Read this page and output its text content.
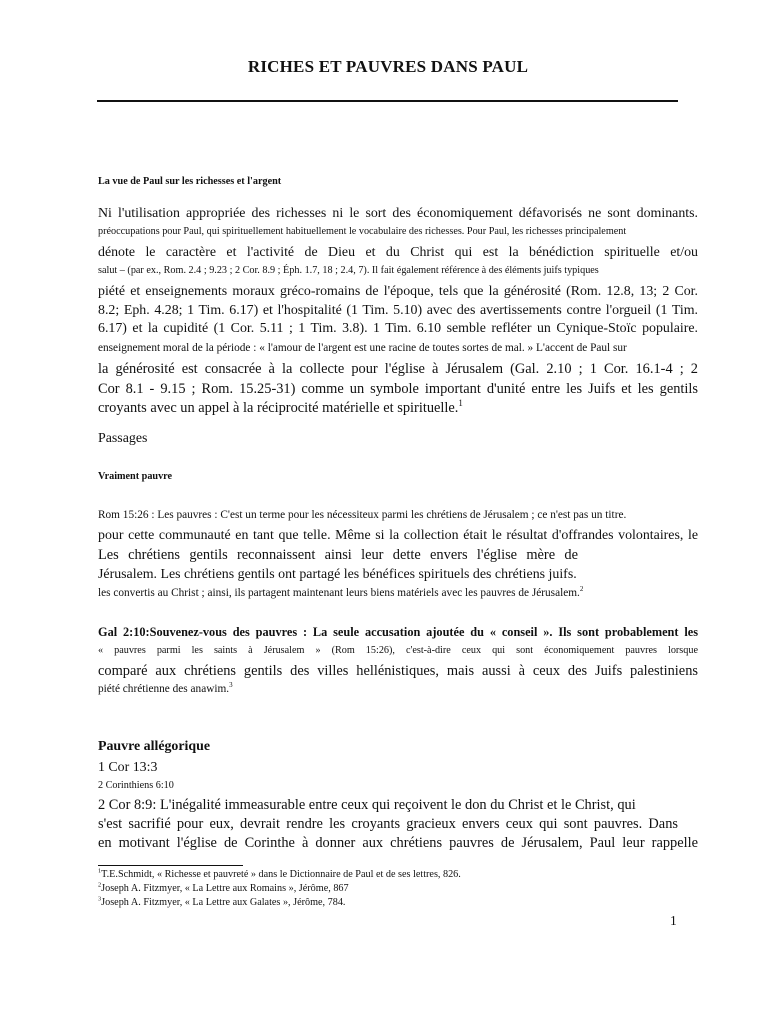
RICHES ET PAUVRES DANS PAUL
La vue de Paul sur les richesses et l'argent
Ni l'utilisation appropriée des richesses ni le sort des économiquement défavorisés ne sont dominants.
préoccupations pour Paul, qui spirituellement habituellement le vocabulaire des richesses. Pour Paul, les richesses principalement
dénote le caractère et l'activité de Dieu et du Christ qui est la bénédiction spirituelle et/ou
salut – (par ex., Rom. 2.4 ; 9.23 ; 2 Cor. 8.9 ; Éph. 1.7, 18 ; 2.4, 7). Il fait également référence à des éléments juifs typiques
piété et enseignements moraux gréco-romains de l'époque, tels que la générosité (Rom. 12.8, 13; 2 Cor.
8.2; Eph. 4.28; 1 Tim. 6.17) et l'hospitalité (1 Tim. 5.10) avec des avertissements contre l'orgueil (1 Tim.
6.17) et la cupidité (1 Cor. 5.11 ; 1 Tim. 3.8). 1 Tim. 6.10 semble refléter un Cynique-Stoïc populaire.
enseignement moral de la période : « l'amour de l'argent est une racine de toutes sortes de mal. » L'accent de Paul sur
la générosité est consacrée à la collecte pour l'église à Jérusalem (Gal. 2.10 ; 1 Cor. 16.1-4 ; 2
Cor 8.1 - 9.15 ; Rom. 15.25-31) comme un symbole important d'unité entre les Juifs et les gentils
croyants avec un appel à la réciprocité matérielle et spirituelle.$^1$
Passages
Vraiment pauvre
Rom 15:26 : Les pauvres : C'est un terme pour les nécessiteux parmi les chrétiens de Jérusalem ; ce n'est pas un titre.
pour cette communauté en tant que telle. Même si la collection était le résultat d'offrandes volontaires, le
Les chrétiens gentils reconnaissent ainsi leur dette envers l'église mère de
Jérusalem. Les chrétiens gentils ont partagé les bénéfices spirituels des chrétiens juifs.
les convertis au Christ ; ainsi, ils partagent maintenant leurs biens matériels avec les pauvres de Jérusalem.$^2$
Gal 2:10:Souvenez-vous des pauvres : La seule accusation ajoutée du « conseil ». Ils sont probablement les
« pauvres parmi les saints à Jérusalem » (Rom 15:26), c'est-à-dire ceux qui sont économiquement pauvres lorsque
comparé aux chrétiens gentils des villes hellénistiques, mais aussi à ceux des Juifs palestiniens
piété chrétienne des anawim.$^3$
Pauvre allégorique
1 Cor 13:3
2 Corinthiens 6:10
2 Cor 8:9: L'inégalité immeasurable entre ceux qui reçoivent le don du Christ et le Christ, qui
s'est sacrifié pour eux, devrait rendre les croyants gracieux envers ceux qui sont pauvres. Dans
en motivant l'église de Corinthe à donner aux chrétiens pauvres de Jérusalem, Paul leur rappelle
$^1$T.E.Schmidt, « Richesse et pauvreté » dans le Dictionnaire de Paul et de ses lettres, 826.
$^2$Joseph A. Fitzmyer, « La Lettre aux Romains », Jérôme, 867
$^3$Joseph A. Fitzmyer, « La Lettre aux Galates », Jérôme, 784.
1
